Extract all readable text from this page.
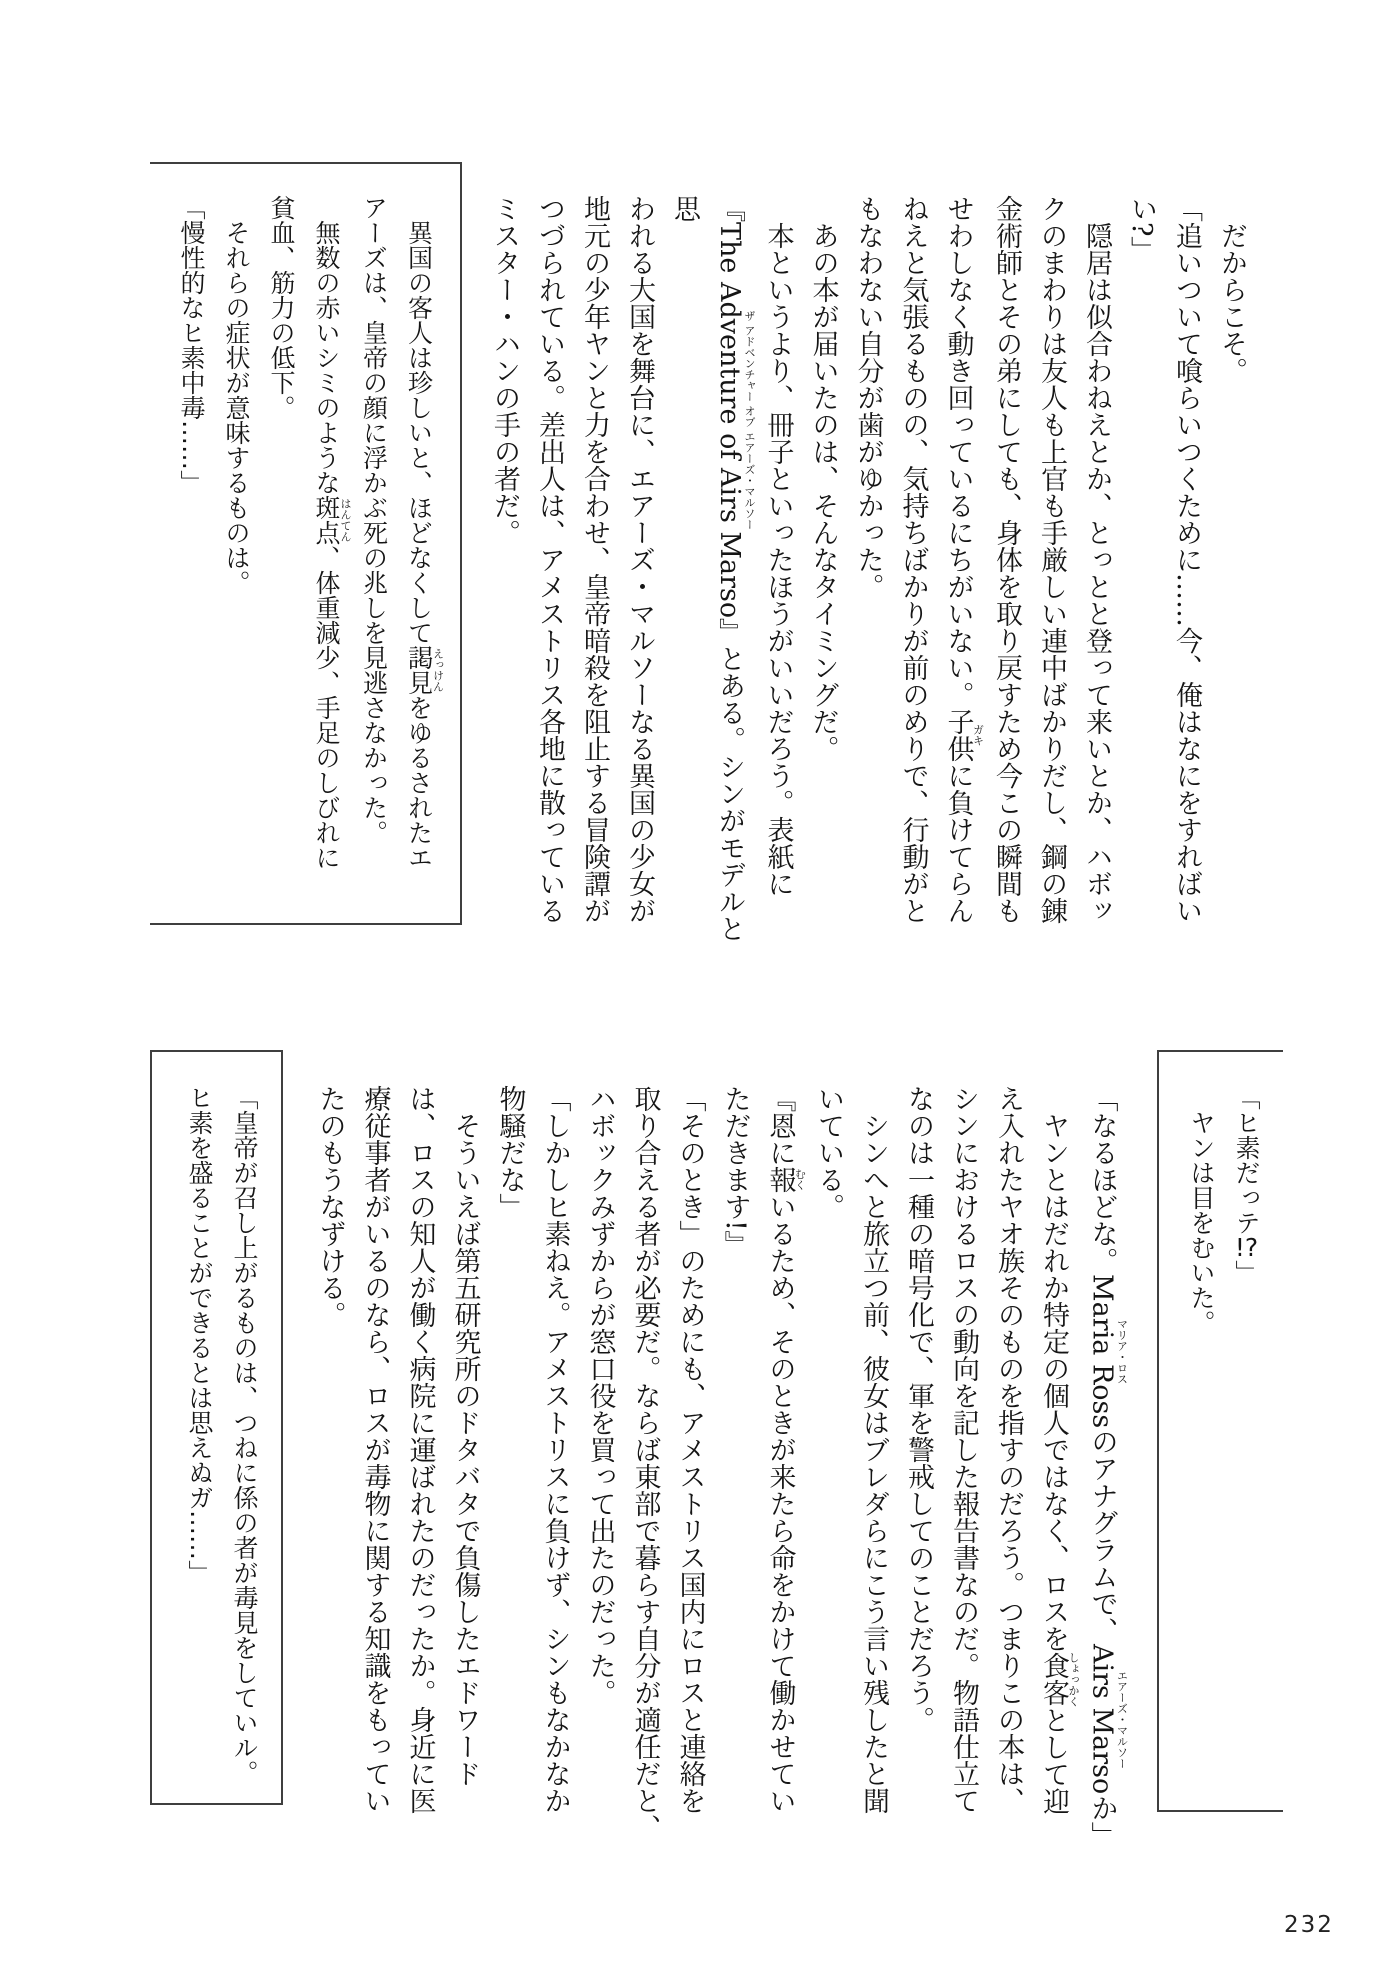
　だからこそ。
「追いついて喰らいつくために……今、俺はなにをすればい
い?」
　隠居は似合わねえとか、とっとと登って来いとか、ハボッ
クのまわりは友人も上官も手厳しい連中ばかりだし、鋼の錬
金術師とその弟にしても、身体を取り戻すため今この瞬間も
せわしなく動き回っているにちがいない。子供ガキに負けてらん
ねえと気張るものの、気持ちばかりが前のめりで、行動がと
もなわない自分が歯がゆかった。
　あの本が届いたのは、そんなタイミングだ。
　本というより、冊子といったほうがいいだろう。表紙に
『The Adventure of Airs Marsoザ アドベンチャー オブ エアーズ・マルソー』とある。シンがモデルと思
われる大国を舞台に、エアーズ・マルソーなる異国の少女が
地元の少年ヤンと力を合わせ、皇帝暗殺を阻止する冒険譚が
つづられている。差出人は、アメストリス各地に散っている
ミスター・ハンの手の者だ。
　異国の客人は珍しいと、ほどなくして謁見えっけんをゆるされたエ
アーズは、皇帝の顔に浮かぶ死の兆しを見逃さなかった。
　無数の赤いシミのような斑点はんてん、体重減少、手足のしびれに
貧血、筋力の低下。
　それらの症状が意味するものは。
「慢性的なヒ素中毒……」
「ヒ素だっテ!?」
　ヤンは目をむいた。
「なるほどな。Maria Rossマリア・ロスのアナグラムで、Airs Marsoエアーズ・マルソーか」
　ヤンとはだれか特定の個人ではなく、ロスを食客しょっかくとして迎
え入れたヤオ族そのものを指すのだろう。つまりこの本は、
シンにおけるロスの動向を記した報告書なのだ。物語仕立て
なのは一種の暗号化で、軍を警戒してのことだろう。
　シンへと旅立つ前、彼女はブレダらにこう言い残したと聞
いている。
『恩に報むくいるため、そのときが来たら命をかけて働かせてい
ただきます!』
「そのとき」のためにも、アメストリス国内にロスと連絡を
取り合える者が必要だ。ならば東部で暮らす自分が適任だと、
ハボックみずからが窓口役を買って出たのだった。
「しかしヒ素ねえ。アメストリスに負けず、シンもなかなか
物騒だな」
　そういえば第五研究所のドタバタで負傷したエドワード
は、ロスの知人が働く病院に運ばれたのだったか。身近に医
療従事者がいるのなら、ロスが毒物に関する知識をもってい
たのもうなずける。
「皇帝が召し上がるものは、つねに係の者が毒見をしていル。
ヒ素を盛ることができるとは思えぬガ……」
232
